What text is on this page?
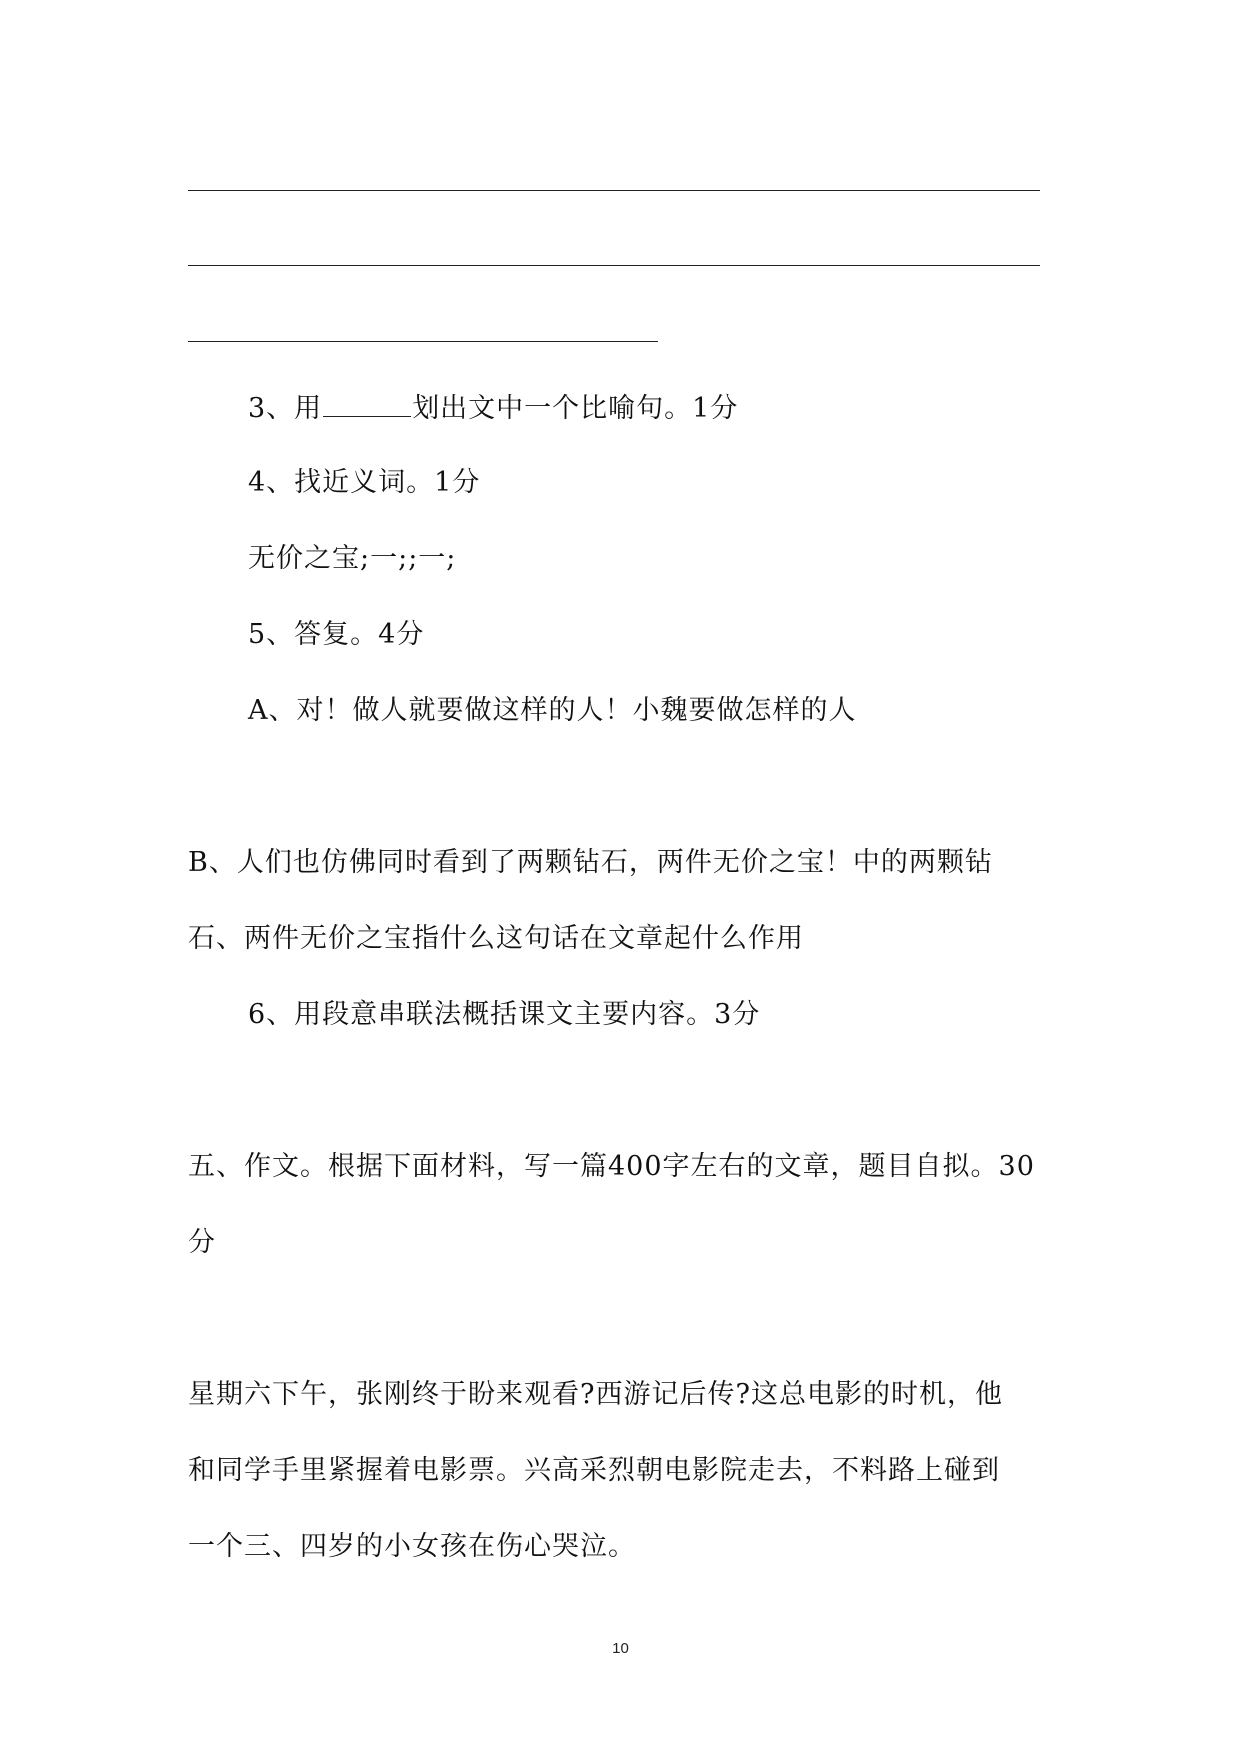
3、用	划出文中一个比喻句。1分
4、找近义词。1分
无价之宝;一;;一;
5、答复。4分
A、对！做人就要做这样的人！小魏要做怎样的人
B、人们也仿佛同时看到了两颗钻石，两件无价之宝！中的两颗钻
石、两件无价之宝指什么这句话在文章起什么作用
6、用段意串联法概括课文主要内容。3分
五、作文。根据下面材料，写一篇400字左右的文章，题目自拟。30
分
星期六下午，张刚终于盼来观看?西游记后传?这总电影的时机，他
和同学手里紧握着电影票。兴高采烈朝电影院走去，不料路上碰到
一个三、四岁的小女孩在伤心哭泣。
10
